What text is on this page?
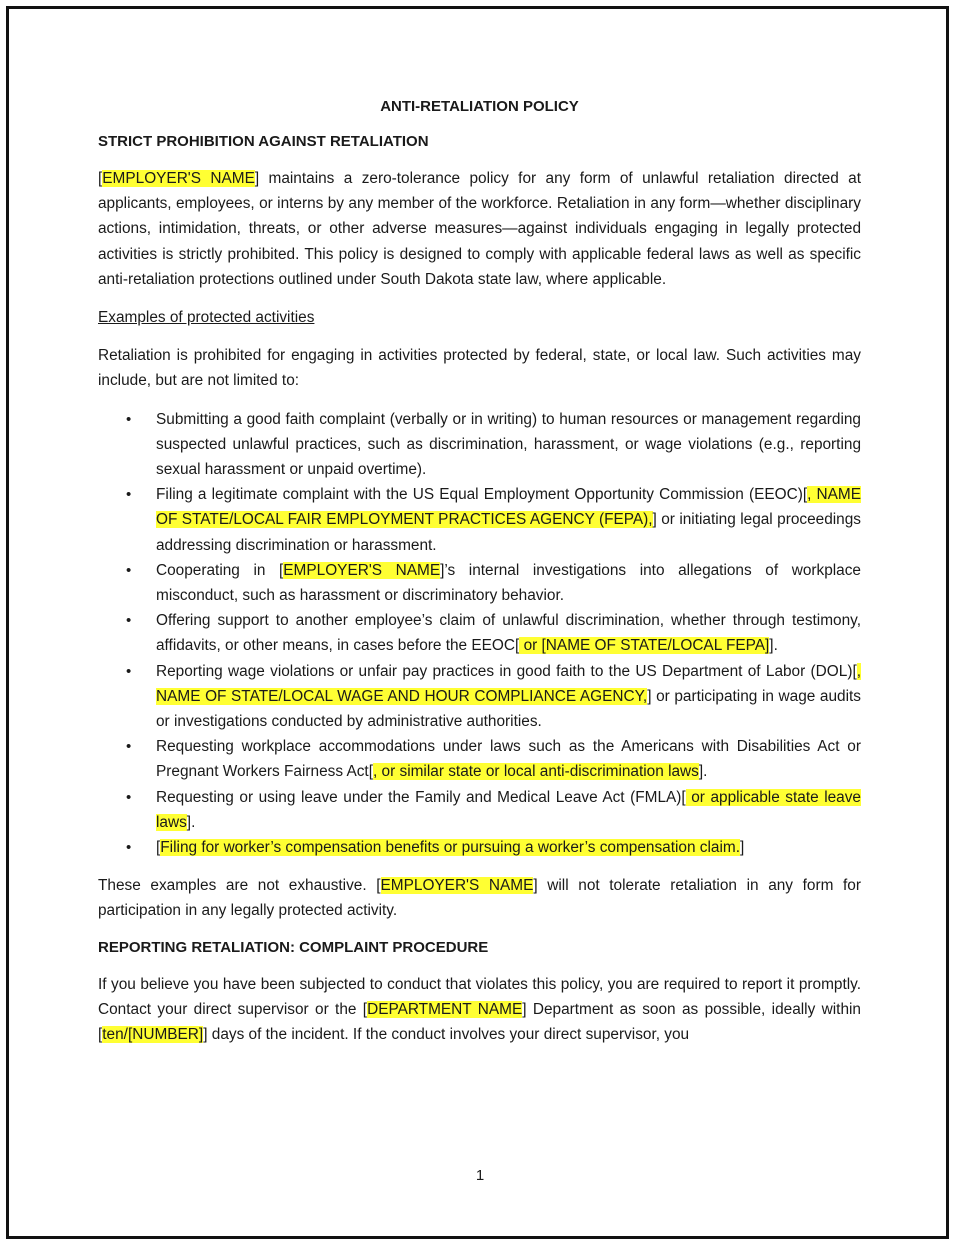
ANTI-RETALIATION POLICY
STRICT PROHIBITION AGAINST RETALIATION

[EMPLOYER'S NAME] maintains a zero-tolerance policy for any form of unlawful retaliation directed at applicants, employees, or interns by any member of the workforce. Retaliation in any form—whether disciplinary actions, intimidation, threats, or other adverse measures—against individuals engaging in legally protected activities is strictly prohibited. This policy is designed to comply with applicable federal laws as well as specific anti-retaliation protections outlined under South Dakota state law, where applicable.

Examples of protected activities

Retaliation is prohibited for engaging in activities protected by federal, state, or local law. Such activities may include, but are not limited to:

• Submitting a good faith complaint (verbally or in writing) to human resources or management regarding suspected unlawful practices, such as discrimination, harassment, or wage violations (e.g., reporting sexual harassment or unpaid overtime).
• Filing a legitimate complaint with the US Equal Employment Opportunity Commission (EEOC)[, NAME OF STATE/LOCAL FAIR EMPLOYMENT PRACTICES AGENCY (FEPA),] or initiating legal proceedings addressing discrimination or harassment.
• Cooperating in [EMPLOYER'S NAME]’s internal investigations into allegations of workplace misconduct, such as harassment or discriminatory behavior.
• Offering support to another employee’s claim of unlawful discrimination, whether through testimony, affidavits, or other means, in cases before the EEOC[ or [NAME OF STATE/LOCAL FEPA]].
• Reporting wage violations or unfair pay practices in good faith to the US Department of Labor (DOL)[, NAME OF STATE/LOCAL WAGE AND HOUR COMPLIANCE AGENCY,] or participating in wage audits or investigations conducted by administrative authorities.
• Requesting workplace accommodations under laws such as the Americans with Disabilities Act or Pregnant Workers Fairness Act[, or similar state or local anti-discrimination laws].
• Requesting or using leave under the Family and Medical Leave Act (FMLA)[ or applicable state leave laws].
• [Filing for worker’s compensation benefits or pursuing a worker’s compensation claim.]

These examples are not exhaustive. [EMPLOYER'S NAME] will not tolerate retaliation in any form for participation in any legally protected activity.

REPORTING RETALIATION: COMPLAINT PROCEDURE

If you believe you have been subjected to conduct that violates this policy, you are required to report it promptly. Contact your direct supervisor or the [DEPARTMENT NAME] Department as soon as possible, ideally within [ten/[NUMBER]] days of the incident. If the conduct involves your direct supervisor, you

1
